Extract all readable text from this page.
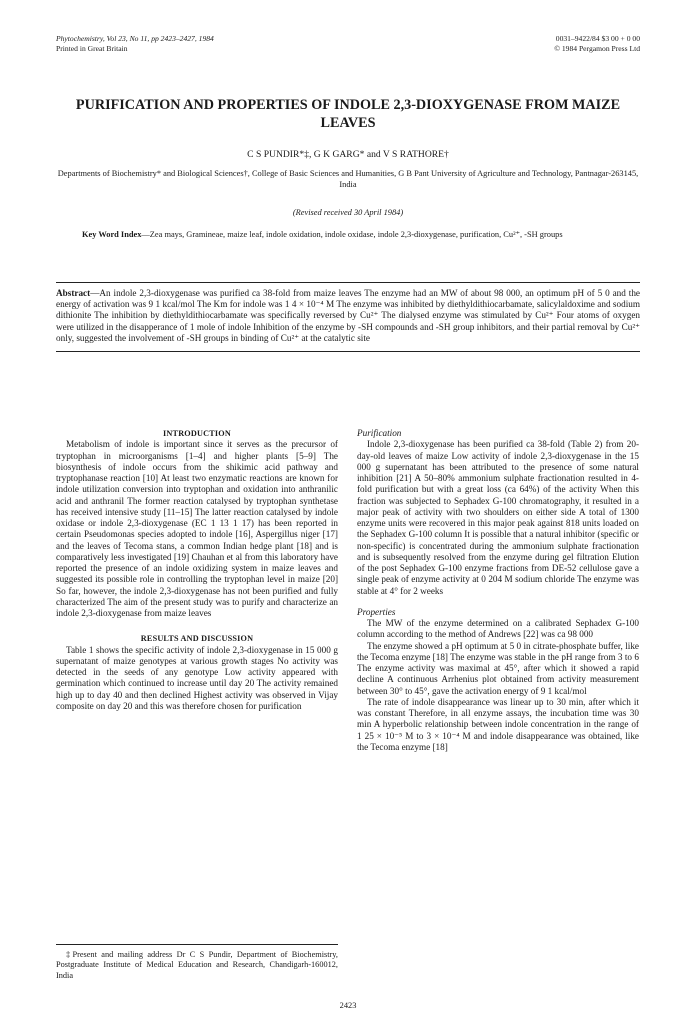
Phytochemistry, Vol 23, No 11, pp 2423–2427, 1984
Printed in Great Britain
0031–9422/84 $3 00 + 0 00
© 1984 Pergamon Press Ltd
PURIFICATION AND PROPERTIES OF INDOLE 2,3-DIOXYGENASE FROM MAIZE LEAVES

C S PUNDIR*‡, G K GARG* and V S RATHORE†

Departments of Biochemistry* and Biological Sciences†, College of Basic Sciences and Humanities, G B Pant University of Agriculture and Technology, Pantnagar-263145, India

(Revised received 30 April 1984)

Key Word Index—Zea mays, Gramineae, maize leaf, indole oxidation, indole oxidase, indole 2,3-dioxygenase, purification, Cu²⁺, -SH groups

Abstract—An indole 2,3-dioxygenase was purified ca 38-fold from maize leaves The enzyme had an MW of about 98 000, an optimum pH of 5 0 and the energy of activation was 9 1 kcal/mol The Km for indole was 1 4 × 10⁻⁴ M The enzyme was inhibited by diethyldithiocarbamate, salicylaldoxime and sodium dithionite The inhibition by diethyldithiocarbamate was specifically reversed by Cu²⁺ The dialysed enzyme was stimulated by Cu²⁺ Four atoms of oxygen were utilized in the disapperance of 1 mole of indole Inhibition of the enzyme by -SH compounds and -SH group inhibitors, and their partial removal by Cu²⁺ only, suggested the involvement of -SH groups in binding of Cu²⁺ at the catalytic site

INTRODUCTION

Metabolism of indole is important since it serves as the precursor of tryptophan in microorganisms [1–4] and higher plants [5–9] The biosynthesis of indole occurs from the shikimic acid pathway and tryptophanase reaction [10] At least two enzymatic reactions are known for indole utilization conversion into tryptophan and oxidation into anthranilic acid and anthranil The former reaction catalysed by tryptophan synthetase has received intensive study [11–15] The latter reaction catalysed by indole oxidase or indole 2,3-dioxygenase (EC 1 13 1 17) has been reported in certain Pseudomonas species adopted to indole [16], Aspergillus niger [17] and the leaves of Tecoma stans, a common Indian hedge plant [18] and is comparatively less investigated [19] Chauhan et al from this laboratory have reported the presence of an indole oxidizing system in maize leaves and suggested its possible role in controlling the tryptophan level in maize [20] So far, however, the indole 2,3-dioxygenase has not been purified and fully characterized The aim of the present study was to purify and characterize an indole 2,3-dioxygenase from maize leaves

RESULTS AND DISCUSSION

Table 1 shows the specific activity of indole 2,3-dioxygenase in 15 000 g supernatant of maize genotypes at various growth stages No activity was detected in the seeds of any genotype Low activity appeared with germination which continued to increase until day 20 The activity remained high up to day 40 and then declined Highest activity was observed in Vijay composite on day 20 and this was therefore chosen for purification

Purification

Indole 2,3-dioxygenase has been purified ca 38-fold (Table 2) from 20-day-old leaves of maize Low activity of indole 2,3-dioxygenase in the 15 000 g supernatant has been attributed to the presence of some natural inhibition [21] A 50–80% ammonium sulphate fractionation resulted in 4-fold purification but with a great loss (ca 64%) of the activity When this fraction was subjected to Sephadex G-100 chromatography, it resulted in a major peak of activity with two shoulders on either side A total of 1300 enzyme units were recovered in this major peak against 818 units loaded on the Sephadex G-100 column It is possible that a natural inhibitor (specific or non-specific) is concentrated during the ammonium sulphate fractionation and is subsequently resolved from the enzyme during gel filtration Elution of the post Sephadex G-100 enzyme fractions from DE-52 cellulose gave a single peak of enzyme activity at 0 204 M sodium chloride The enzyme was stable at 4° for 2 weeks

Properties

The MW of the enzyme determined on a calibrated Sephadex G-100 column according to the method of Andrews [22] was ca 98 000

The enzyme showed a pH optimum at 5 0 in citrate-phosphate buffer, like the Tecoma enzyme [18] The enzyme was stable in the pH range from 3 to 6 The enzyme activity was maximal at 45°, after which it showed a rapid decline A continuous Arrhenius plot obtained from activity measurement between 30° to 45°, gave the activation energy of 9 1 kcal/mol

The rate of indole disappearance was linear up to 30 min, after which it was constant Therefore, in all enzyme assays, the incubation time was 30 min A hyperbolic relationship between indole concentration in the range of 1 25 × 10⁻⁵ M to 3 × 10⁻⁴ M and indole disappearance was obtained, like the Tecoma enzyme [18]

‡Present and mailing address Dr C S Pundir, Department of Biochemistry, Postgraduate Institute of Medical Education and Research, Chandigarh-160012, India

2423
